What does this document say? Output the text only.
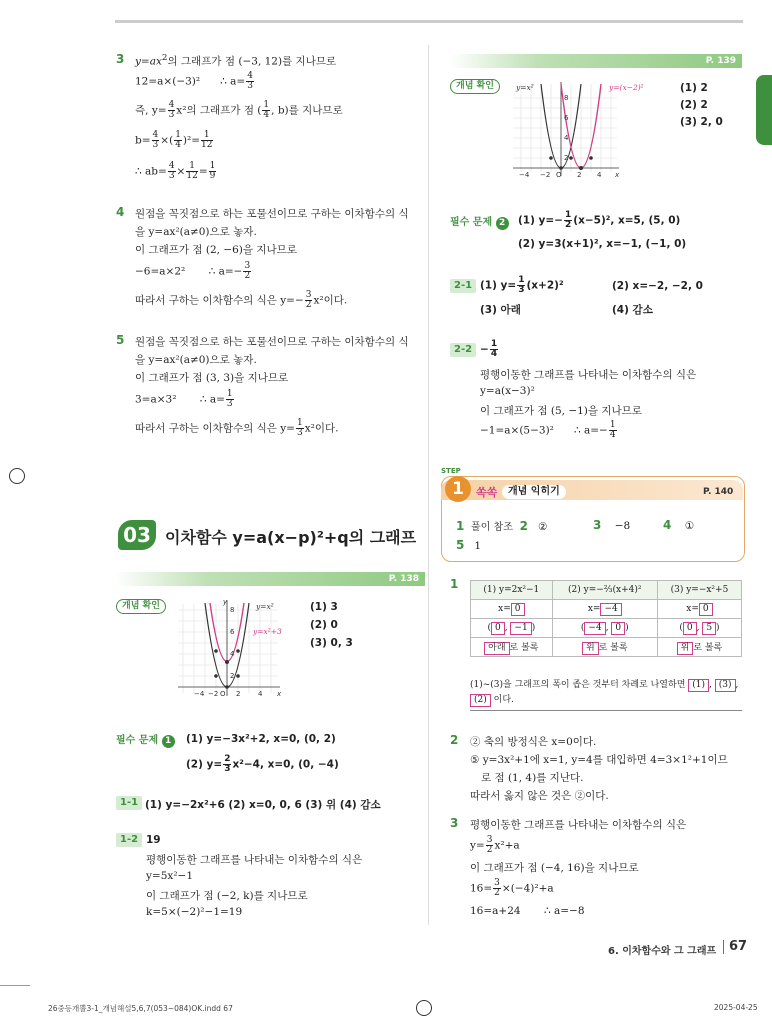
3 $y=ax^2$의 그래프가 점 (−3, 12)를 지나므로
12=a×(−3)² ∴ $a= \frac{4}{3}$
즉, $y= \frac{4}{3} x^2$의 그래프가 점 ( $\frac{1}{4}$ , b)를 지나므로
$b= \frac{4}{3}$ ×( $\frac{1}{4} )^2= \frac{1}{12}$
∴ $ab= \frac{4}{3} \times \frac{1}{12} = \frac{1}{9}$
4 원점을 꼭짓점으로 하는 포물선이므로 구하는 이차함수의 식
을 y=ax²(a≠0)으로 놓자.
이 그래프가 점 (2, −6)을 지나므로
−6=a×2² ∴ $a=- \frac{3}{2}$
따라서 구하는 이차함수의 식은 $y=- \frac{3}{2} x^2$이다.
5 원점을 꼭짓점으로 하는 포물선이므로 구하는 이차함수의 식
을 y=ax²(a≠0)으로 놓자.
이 그래프가 점 (3, 3)을 지나므로
3=a×3² ∴ $a= \frac{1}{3}$
따라서 구하는 이차함수의 식은 $y= \frac{1}{3} x^2$이다.
03 이차함수 y=a(x−p)²+q의 그래프
P. 138
개념 확인
−4 −2 O 2	4 x
8
6
4
2
y	y=x²
y=x²+3
(1) 3
(2) 0
(3) 0, 3
필수 문제 1	(1) y=−3x²+2, x=0, (0, 2)
(2) $y= \frac{2}{3} x^2-4$, x=0, (0, −4)
1-1 (1) y=−2x²+6 (2) x=0, 0, 6 (3) 위 (4) 감소
1-2 19
평행이동한 그래프를 나타내는 이차함수의 식은
y=5x²−1
이 그래프가 점 (−2, k)를 지나므로
k=5×(−2)²−1=19
P. 139
개념 확인
−4 −2 O 2 4 x
8
6
4
2
y=x²	y=(x−2)²	(1) 2
(2) 2
(3) 2, 0
필수 문제 2	(1) $y=- \frac{1}{2} (x-5)^2$, x=5, (5, 0)
(2) y=3(x+1)², x=−1, (−1, 0)
2-1 (1) $y= \frac{1}{3} (x+2)^2$	(2) x=−2, −2, 0
(3) 아래	(4) 감소
$2-2 - \frac{1}{4}$
평행이동한 그래프를 나타내는 이차함수의 식은
y=a(x−3)²
이 그래프가 점 (5, −1)을 지나므로
−1=a×(5−3)² ∴ $a=- \frac{1}{4}$
STEP
1	쏙쏙	개념 익히기	P. 140
1 풀이 참조 2 ②	3 −8	4 ①
5 1
1	(1) y=2x²−1	(2) y=−⅔(x+4)²	(3) y=−x²+5
x= 0	x= −4	x= 0
( 0 , −1 )	( −4 , 0 )	( 0 , 5 )
아래 로 볼록	위 로 볼록	위 로 볼록
(1)~(3)을 그래프의 폭이 좁은 것부터 차례로 나열하면 (1) , (3) , (2) 이다.
2 ② 축의 방정식은 x=0이다.
⑤ y=3x²+1에 x=1, y=4를 대입하면 4=3×1²+1이므
로 점 (1, 4)를 지난다.
따라서 옳지 않은 것은 ②이다.
3 평행이동한 그래프를 나타내는 이차함수의 식은
$y= \frac{3}{2} x^2+a$
이 그래프가 점 (−4, 16)을 지나므로
$16= \frac{3}{2} \times(-4)^2+a$
16=a+24 ∴ a=−8
6. 이차함수와 그 그래프 67
26중등개뿔3-1_개념해설5,6,7(053~084)OK.indd 67	2025-04-25
